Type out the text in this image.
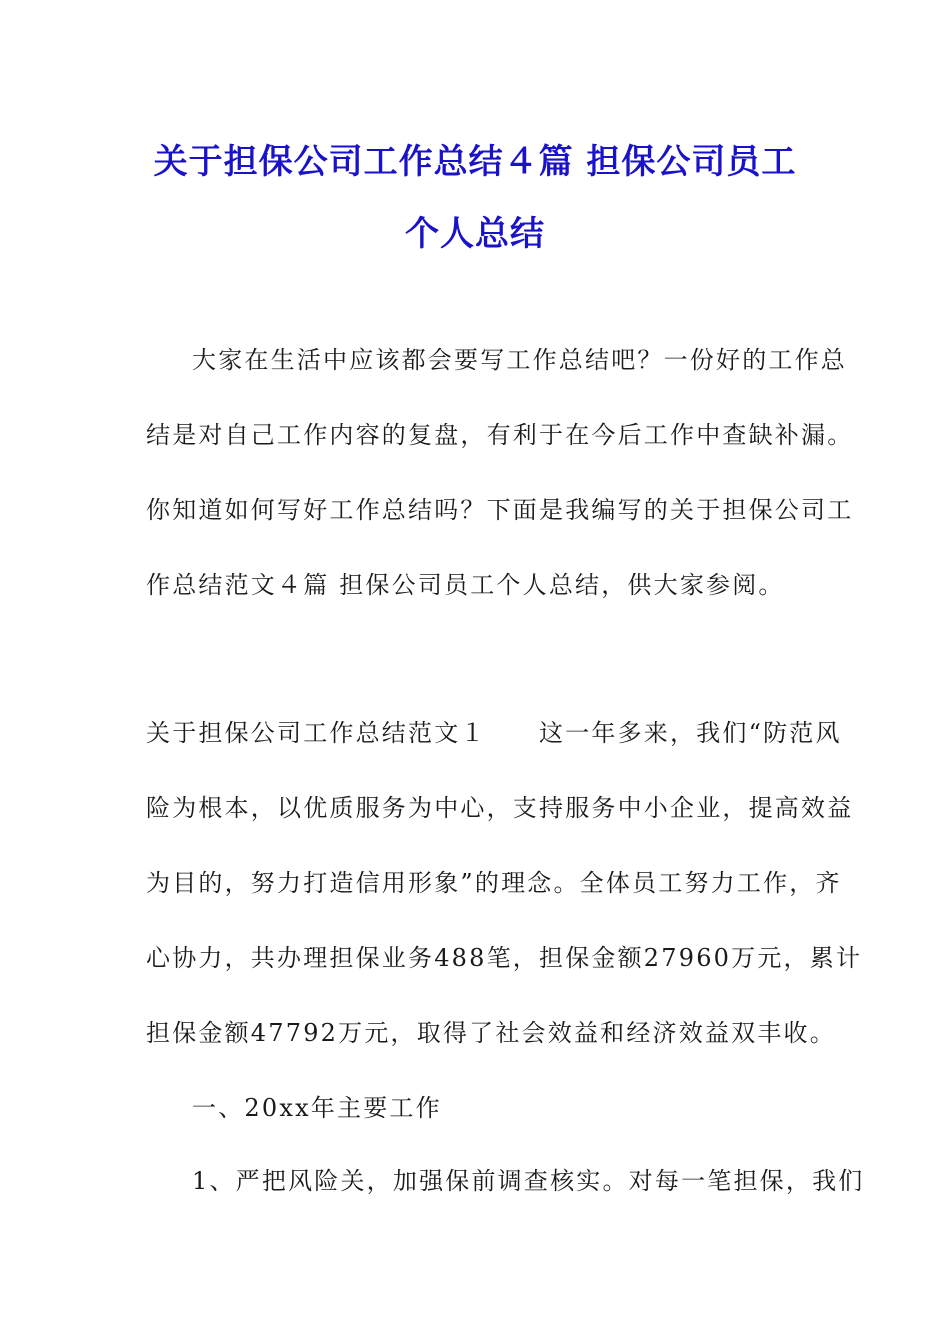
关于担保公司工作总结４篇 担保公司员工
个人总结
大家在生活中应该都会要写工作总结吧？一份好的工作总
结是对自己工作内容的复盘，有利于在今后工作中查缺补漏。
你知道如何写好工作总结吗？下面是我编写的关于担保公司工
作总结范文４篇 担保公司员工个人总结，供大家参阅。
关于担保公司工作总结范文１　　这一年多来，我们“防范风
险为根本，以优质服务为中心，支持服务中小企业，提高效益
为目的，努力打造信用形象”的理念。全体员工努力工作，齐
心协力，共办理担保业务488笔，担保金额27960万元，累计
担保金额47792万元，取得了社会效益和经济效益双丰收。
一、20xx年主要工作
1、严把风险关，加强保前调查核实。对每一笔担保，我们
